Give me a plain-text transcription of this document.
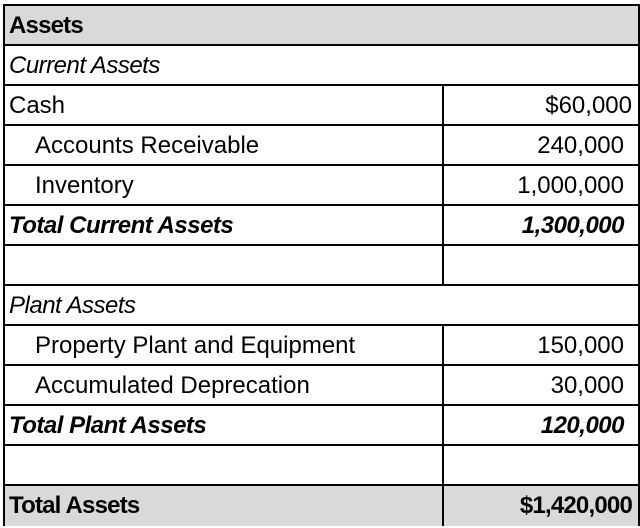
Assets
Current Assets
Cash	$60,000
Accounts Receivable	240,000
Inventory	1,000,000
Total Current Assets	1,300,000
Plant Assets
Property Plant and Equipment	150,000
Accumulated Deprecation	30,000
Total Plant Assets	120,000
Total Assets	$1,420,000
